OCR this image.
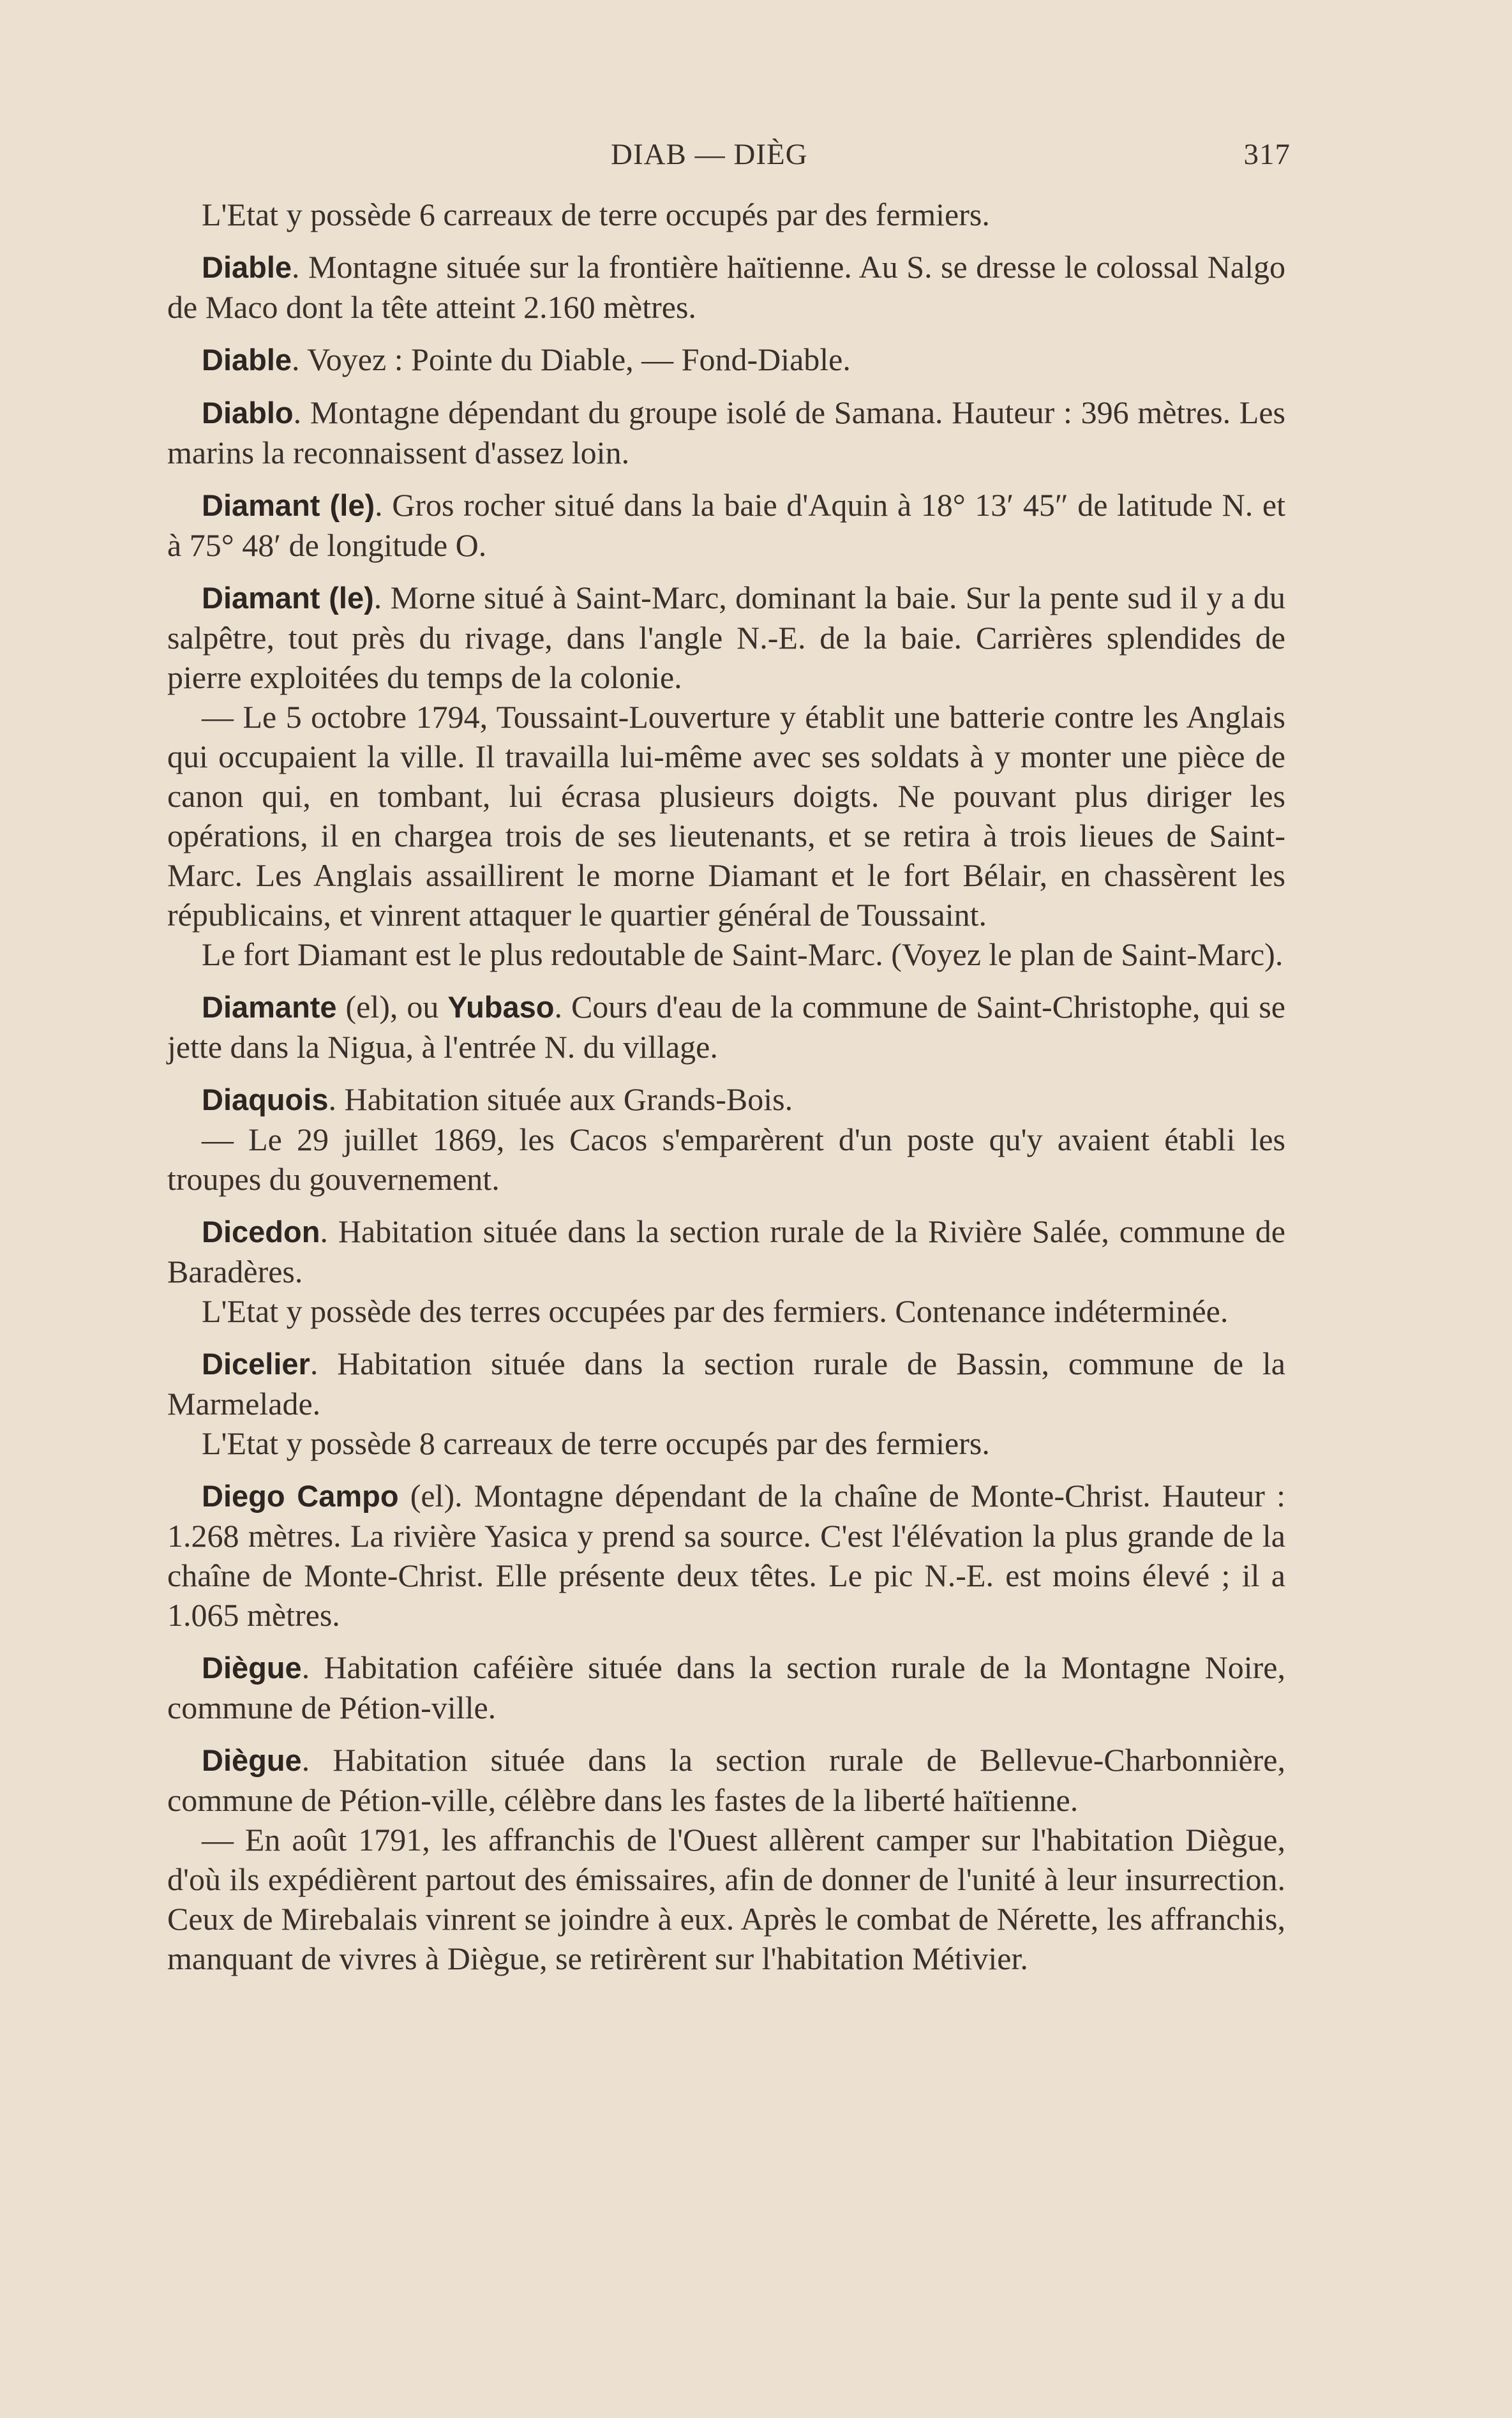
DIAB — DIÈG	317

L'Etat y possède 6 carreaux de terre occupés par des fermiers.

Diable. Montagne située sur la frontière haïtienne. Au S. se dresse le colossal Nalgo de Maco dont la tête atteint 2.160 mètres.

Diable. Voyez : Pointe du Diable, — Fond-Diable.

Diablo. Montagne dépendant du groupe isolé de Samana. Hauteur : 396 mètres. Les marins la reconnaissent d'assez loin.

Diamant (le). Gros rocher situé dans la baie d'Aquin à 18° 13′ 45″ de latitude N. et à 75° 48′ de longitude O.

Diamant (le). Morne situé à Saint-Marc, dominant la baie. Sur la pente sud il y a du salpêtre, tout près du rivage, dans l'angle N.-E. de la baie. Carrières splendides de pierre exploitées du temps de la colonie.

— Le 5 octobre 1794, Toussaint-Louverture y établit une batterie contre les Anglais qui occupaient la ville. Il travailla lui-même avec ses soldats à y monter une pièce de canon qui, en tombant, lui écrasa plusieurs doigts. Ne pouvant plus diriger les opérations, il en chargea trois de ses lieutenants, et se retira à trois lieues de Saint-Marc. Les Anglais assaillirent le morne Diamant et le fort Bélair, en chassèrent les républicains, et vinrent attaquer le quartier général de Toussaint.

Le fort Diamant est le plus redoutable de Saint-Marc. (Voyez le plan de Saint-Marc).

Diamante (el), ou Yubaso. Cours d'eau de la commune de Saint-Christophe, qui se jette dans la Nigua, à l'entrée N. du village.

Diaquois. Habitation située aux Grands-Bois.

— Le 29 juillet 1869, les Cacos s'emparèrent d'un poste qu'y avaient établi les troupes du gouvernement.

Dicedon. Habitation située dans la section rurale de la Rivière Salée, commune de Baradères.

L'Etat y possède des terres occupées par des fermiers. Contenance indéterminée.

Dicelier. Habitation située dans la section rurale de Bassin, commune de la Marmelade.

L'Etat y possède 8 carreaux de terre occupés par des fermiers.

Diego Campo (el). Montagne dépendant de la chaîne de Monte-Christ. Hauteur : 1.268 mètres. La rivière Yasica y prend sa source. C'est l'élévation la plus grande de la chaîne de Monte-Christ. Elle présente deux têtes. Le pic N.-E. est moins élevé ; il a 1.065 mètres.

Diègue. Habitation caféière située dans la section rurale de la Montagne Noire, commune de Pétion-ville.

Diègue. Habitation située dans la section rurale de Bellevue-Charbonnière, commune de Pétion-ville, célèbre dans les fastes de la liberté haïtienne.

— En août 1791, les affranchis de l'Ouest allèrent camper sur l'habitation Diègue, d'où ils expédièrent partout des émissaires, afin de donner de l'unité à leur insurrection. Ceux de Mirebalais vinrent se joindre à eux. Après le combat de Nérette, les affranchis, manquant de vivres à Diègue, se retirèrent sur l'habitation Métivier.
